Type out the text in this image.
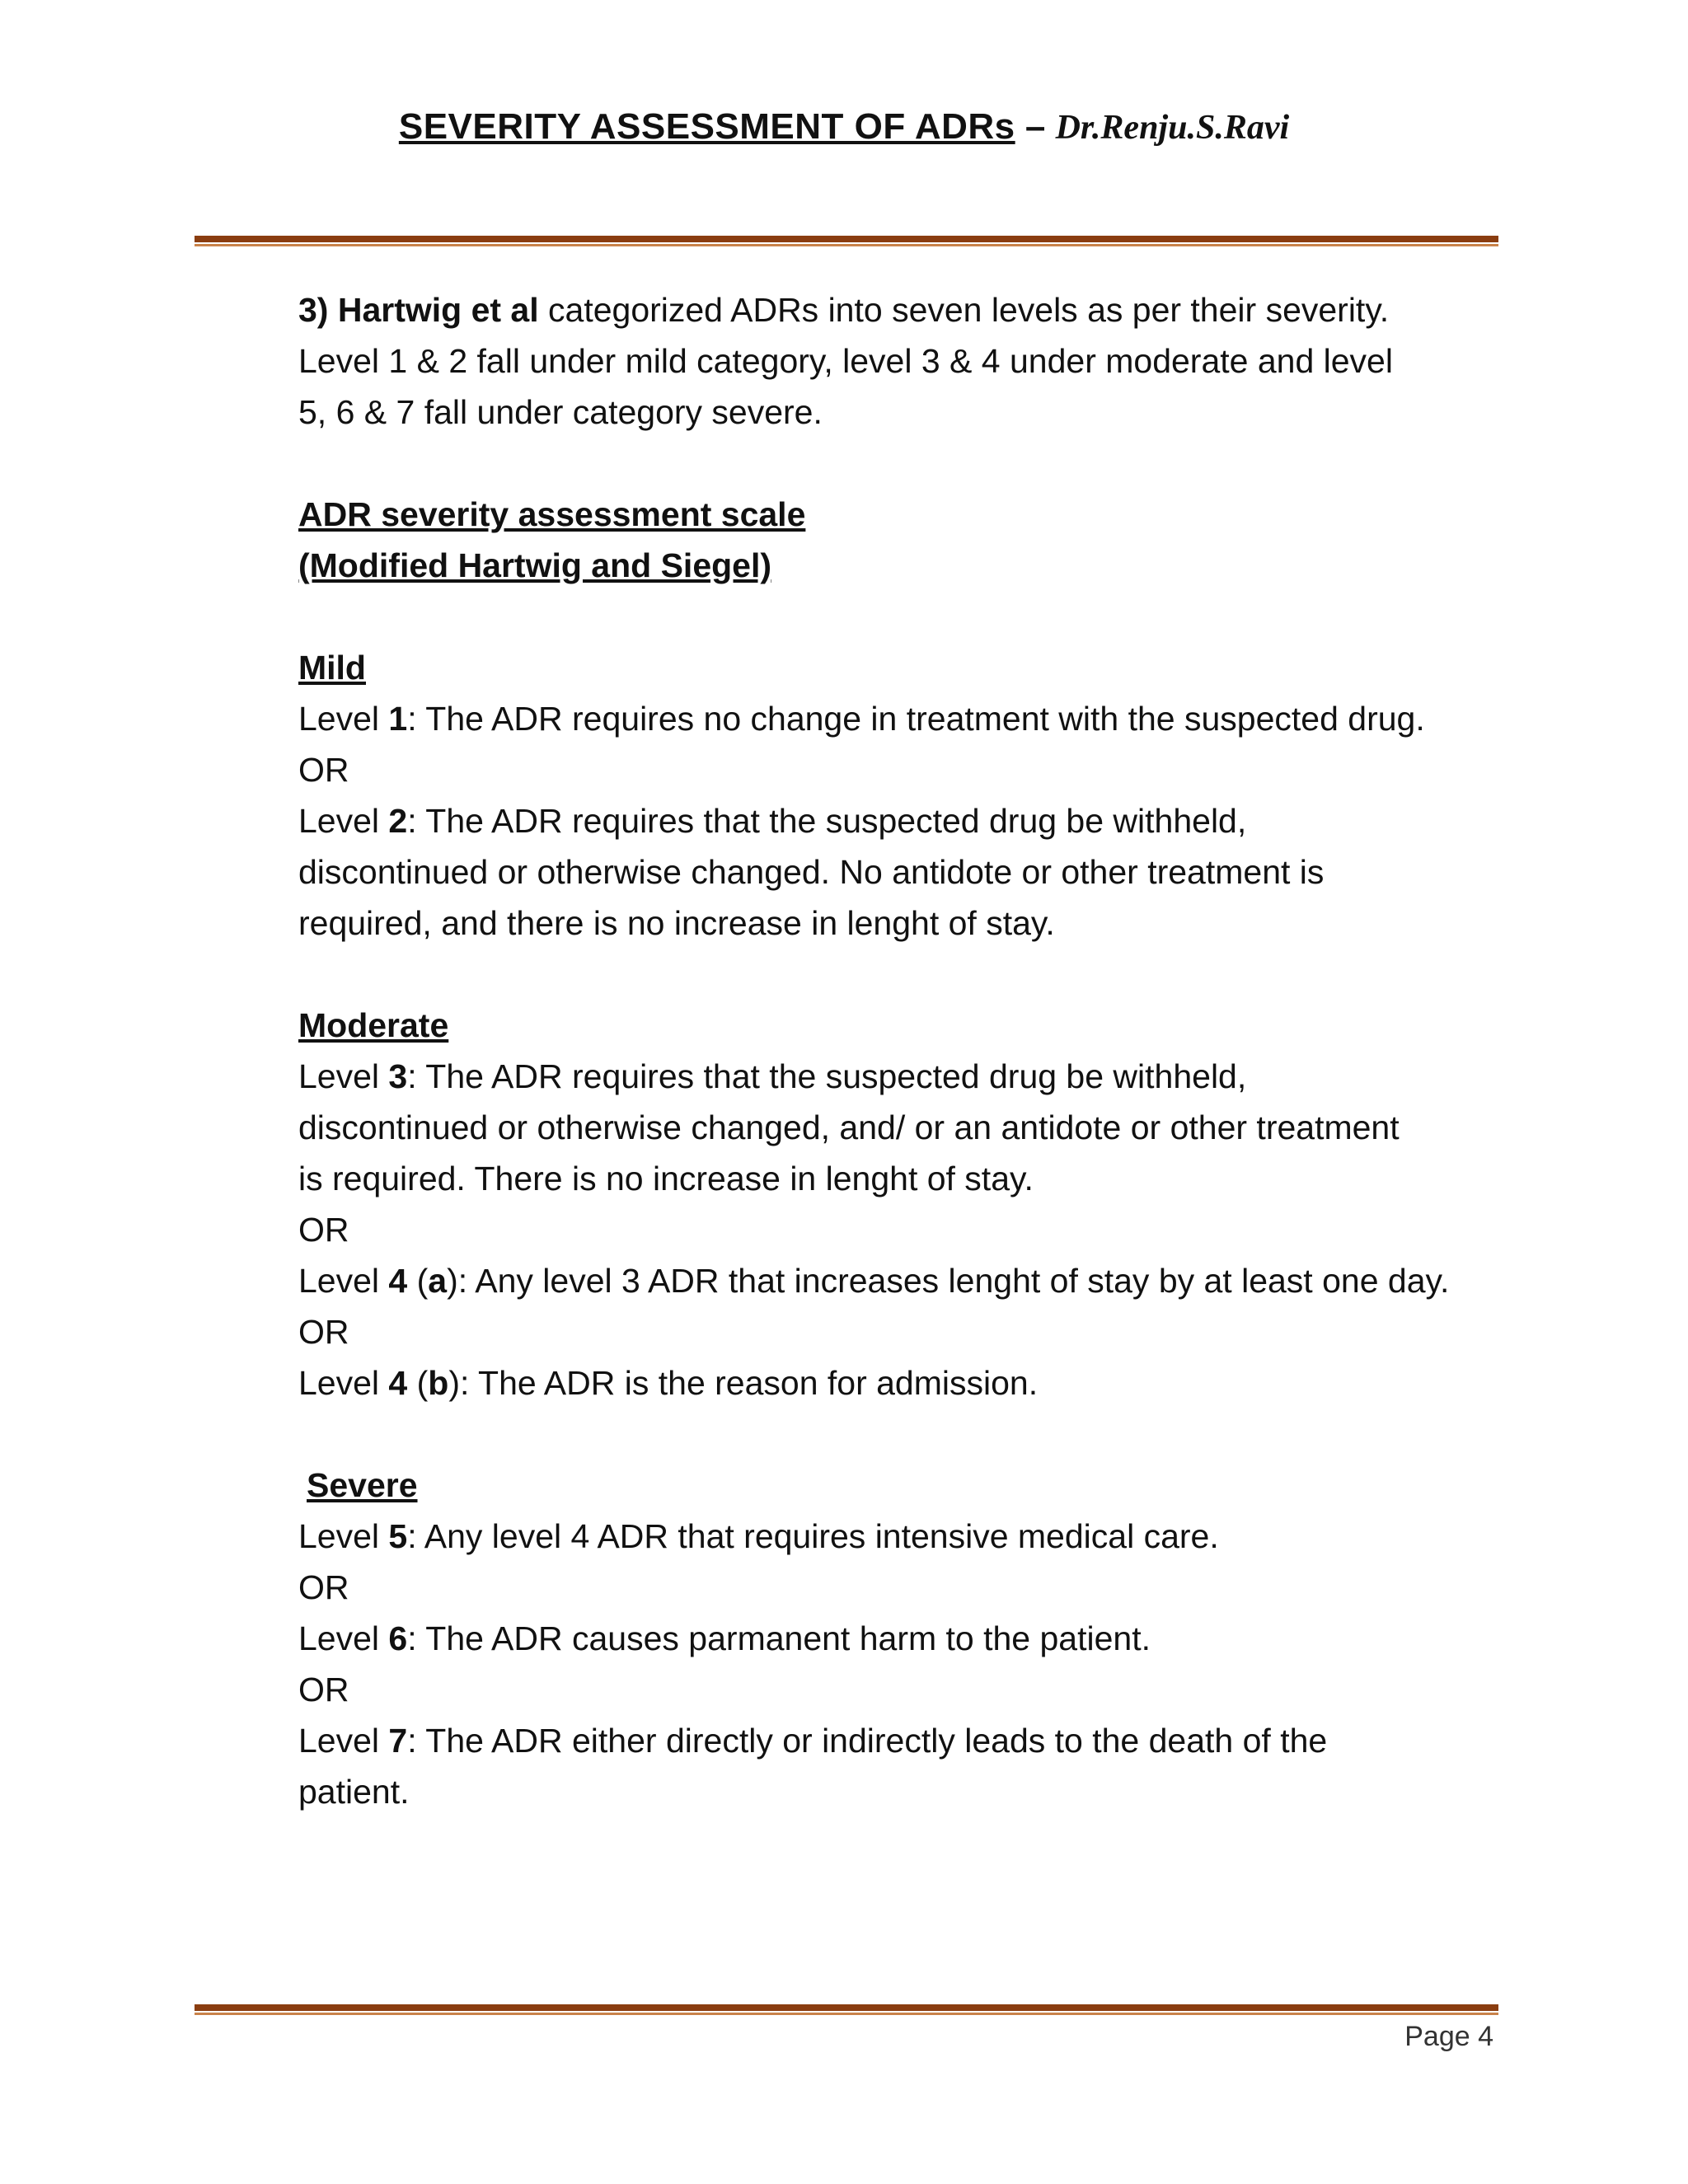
SEVERITY ASSESSMENT OF ADRs – Dr.Renju.S.Ravi

3) Hartwig et al categorized ADRs into seven levels as per their severity.
Level 1 & 2 fall under mild category, level 3 & 4 under moderate and level
5, 6 & 7 fall under category severe.

ADR severity assessment scale
(Modified Hartwig and Siegel)

Mild
Level 1: The ADR requires no change in treatment with the suspected drug.
OR
Level 2: The ADR requires that the suspected drug be withheld,
discontinued or otherwise changed. No antidote or other treatment is
required, and there is no increase in lenght of stay.

Moderate
Level 3: The ADR requires that the suspected drug be withheld,
discontinued or otherwise changed, and/ or an antidote or other treatment
is required. There is no increase in lenght of stay.
OR
Level 4 (a): Any level 3 ADR that increases lenght of stay by at least one day.
OR
Level 4 (b): The ADR is the reason for admission.

Severe
Level 5: Any level 4 ADR that requires intensive medical care.
OR
Level 6: The ADR causes parmanent harm to the patient.
OR
Level 7: The ADR either directly or indirectly leads to the death of the
patient.

Page 4
